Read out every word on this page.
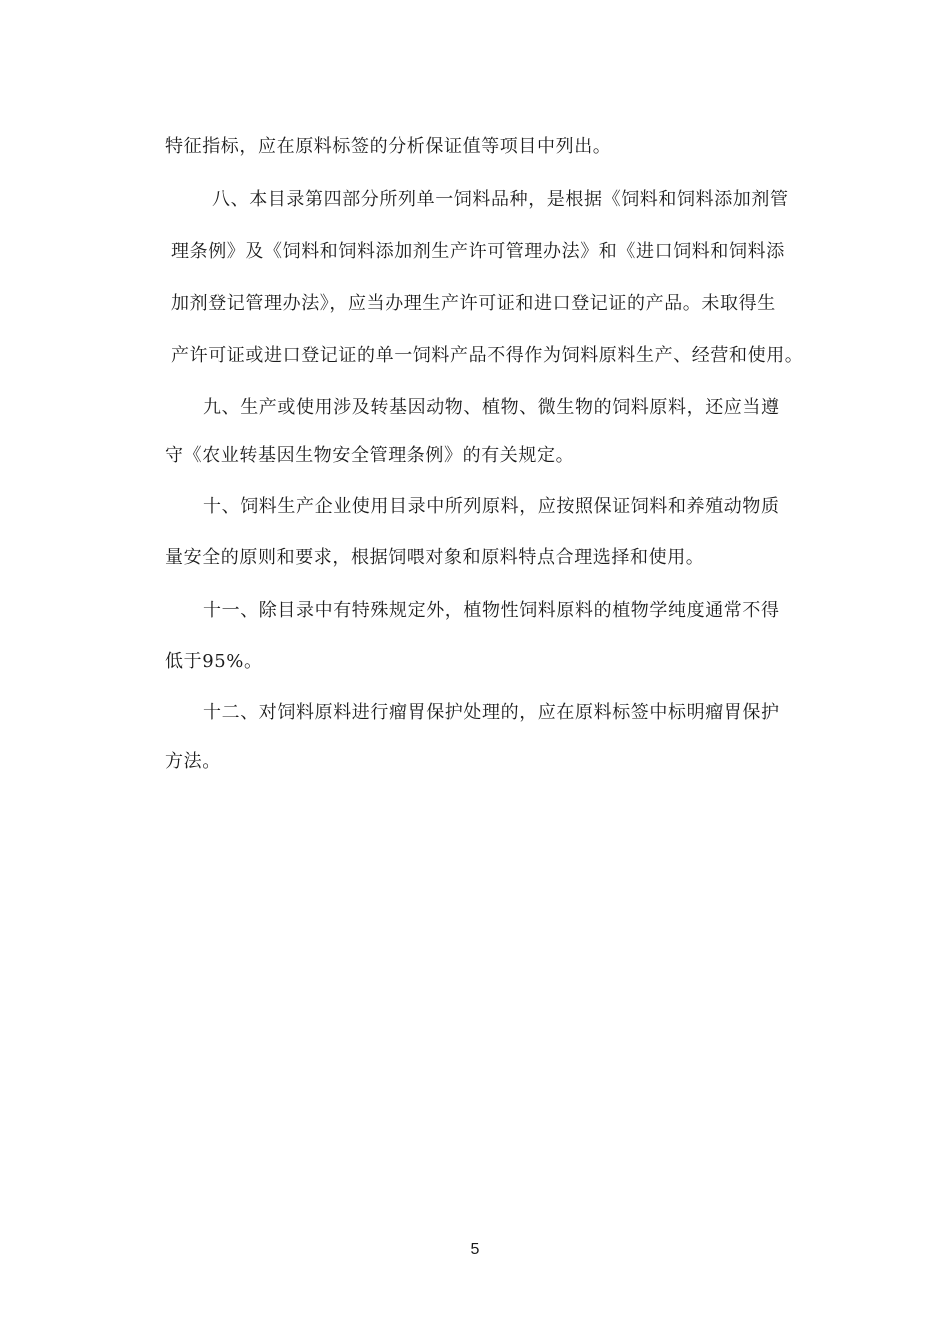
特征指标，应在原料标签的分析保证值等项目中列出。
八、本目录第四部分所列单一饲料品种，是根据《饲料和饲料添加剂管
理条例》及《饲料和饲料添加剂生产许可管理办法》和《进口饲料和饲料添
加剂登记管理办法》，应当办理生产许可证和进口登记证的产品。未取得生
产许可证或进口登记证的单一饲料产品不得作为饲料原料生产、经营和使用。
九、生产或使用涉及转基因动物、植物、微生物的饲料原料，还应当遵
守《农业转基因生物安全管理条例》的有关规定。
十、饲料生产企业使用目录中所列原料，应按照保证饲料和养殖动物质
量安全的原则和要求，根据饲喂对象和原料特点合理选择和使用。
十一、除目录中有特殊规定外，植物性饲料原料的植物学纯度通常不得
低于95%。
十二、对饲料原料进行瘤胃保护处理的，应在原料标签中标明瘤胃保护
方法。
5
